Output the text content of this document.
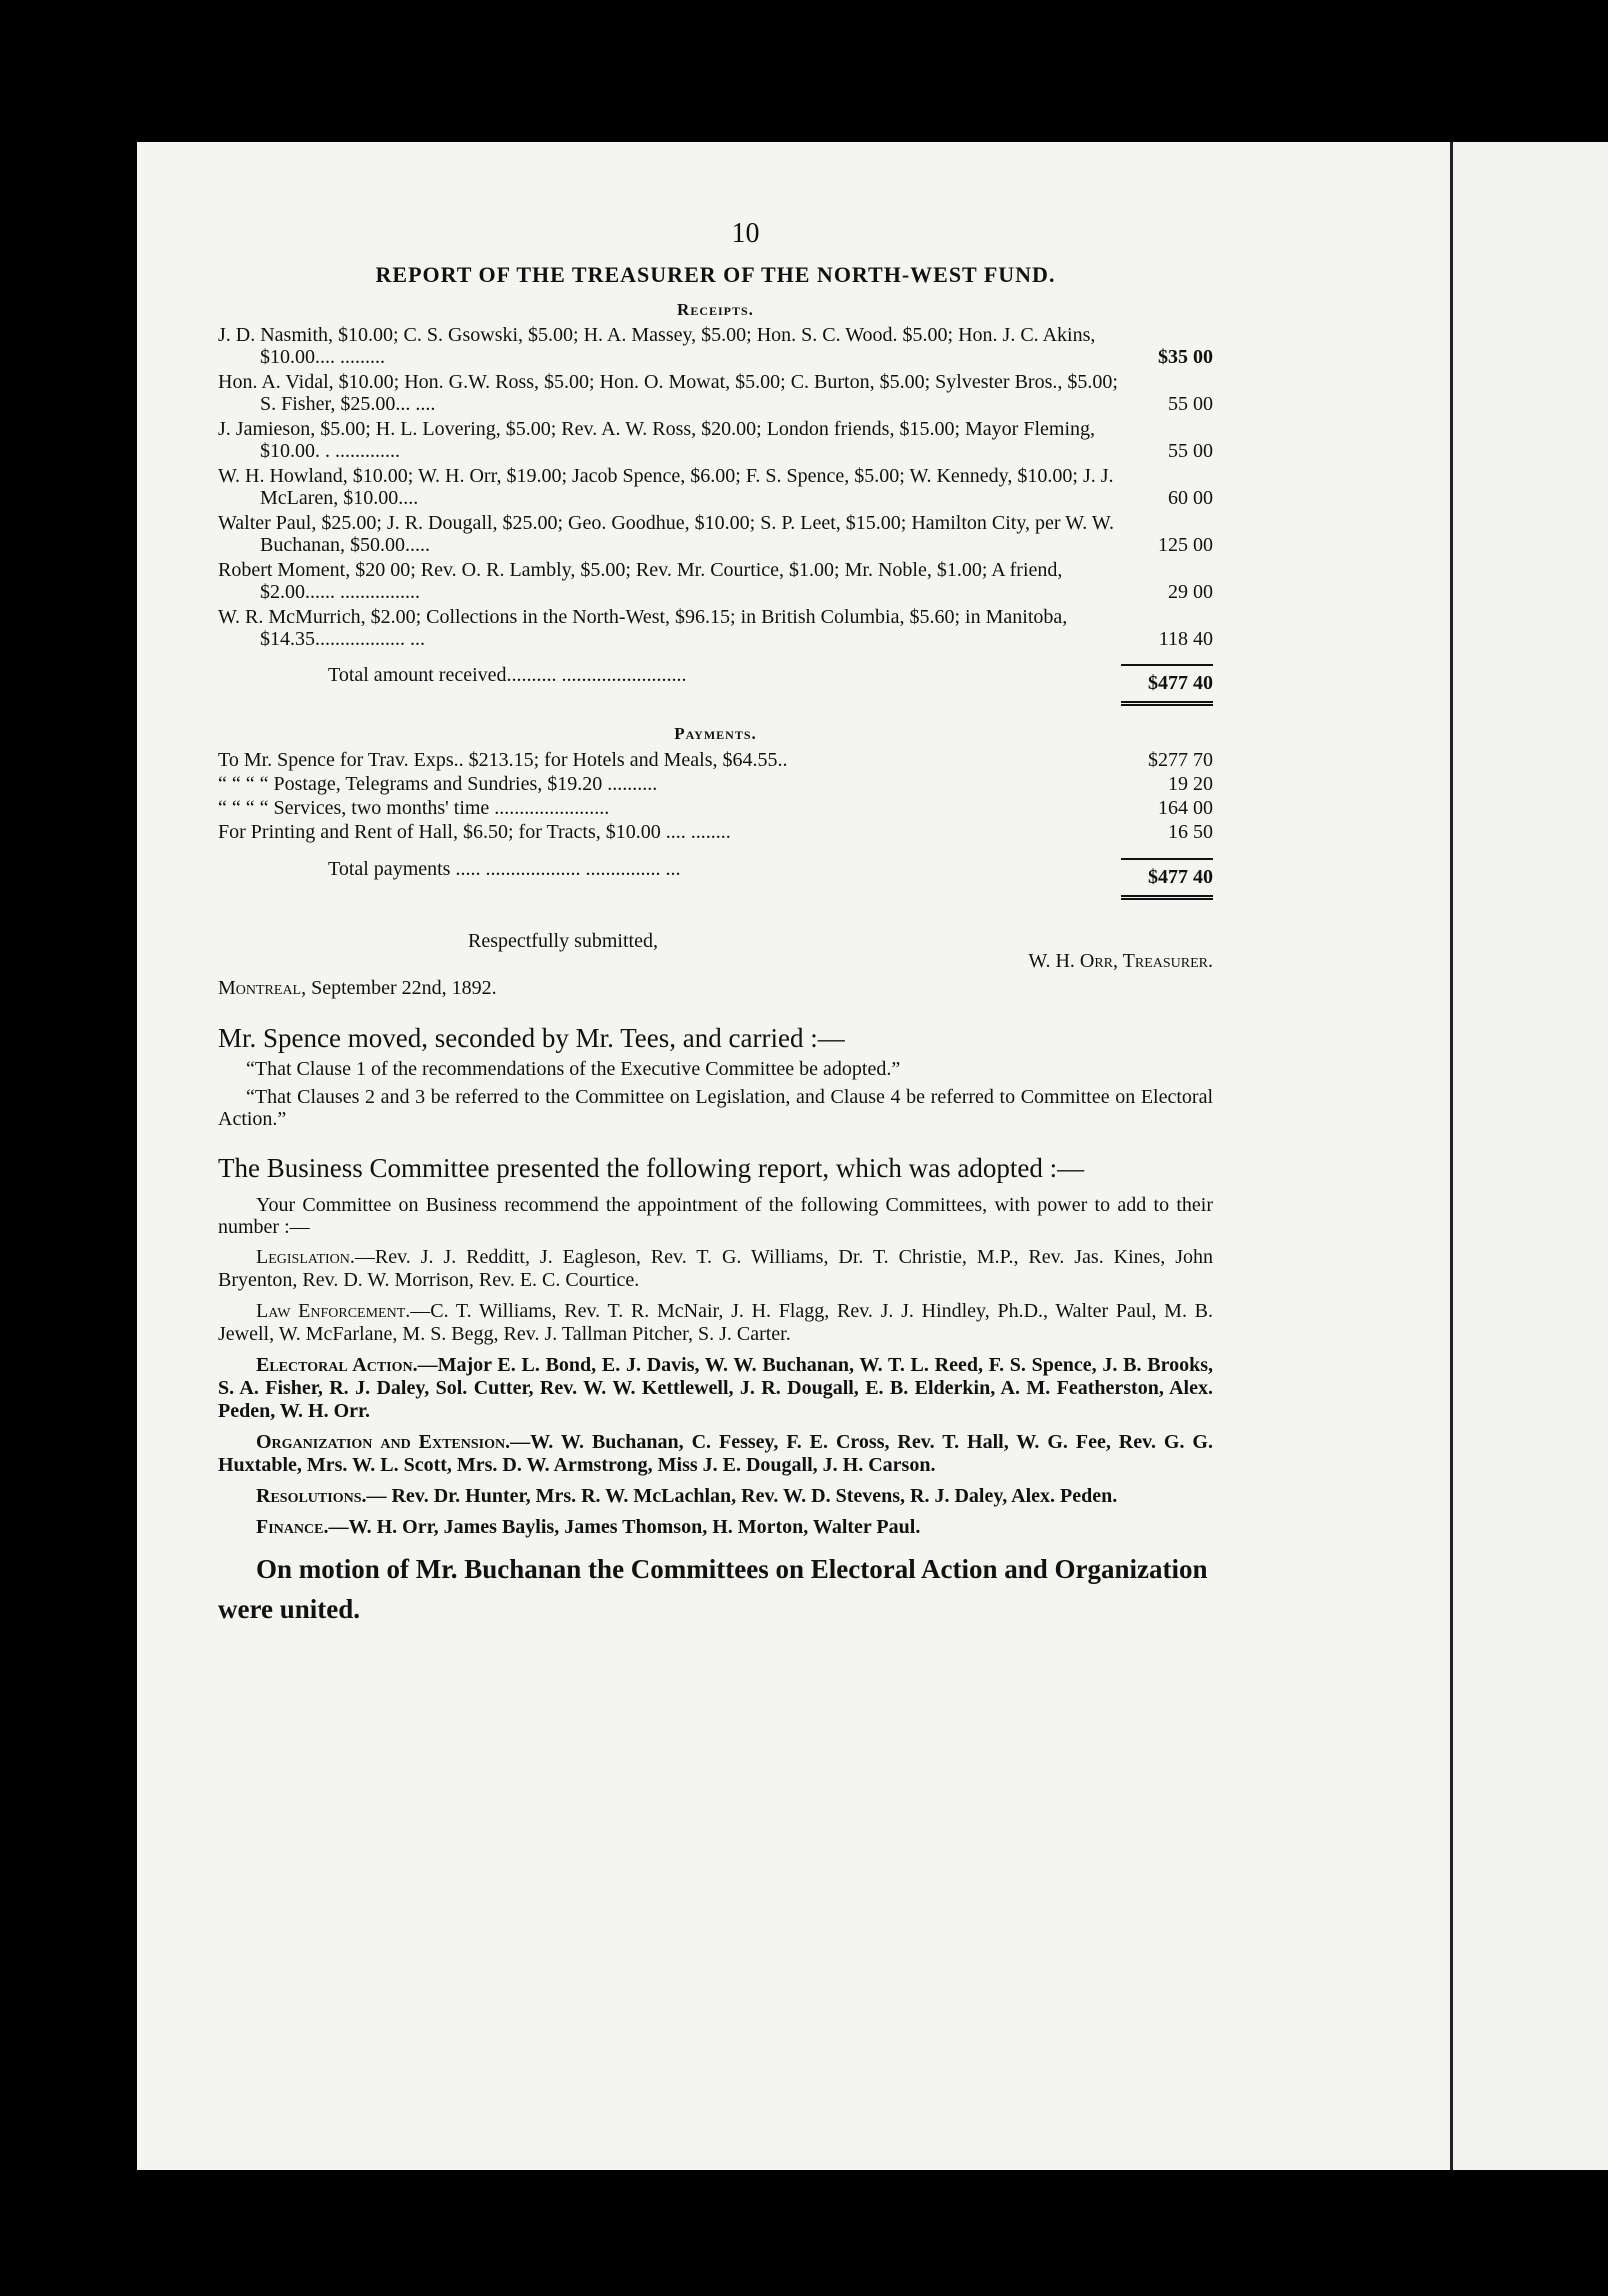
10
REPORT OF THE TREASURER OF THE NORTH-WEST FUND.
Receipts.
J. D. Nasmith, $10.00; C. S. Gsowski, $5.00; H. A. Massey, $5.00; Hon. S. C. Wood. $5.00; Hon. J. C. Akins, $10.00.... .........	$35 00
Hon. A. Vidal, $10.00; Hon. G.W. Ross, $5.00; Hon. O. Mowat, $5.00; C. Burton, $5.00; Sylvester Bros., $5.00; S. Fisher, $25.00... ....	55 00
J. Jamieson, $5.00; H. L. Lovering, $5.00; Rev. A. W. Ross, $20.00; London friends, $15.00; Mayor Fleming, $10.00. . .............	55 00
W. H. Howland, $10.00; W. H. Orr, $19.00; Jacob Spence, $6.00; F. S. Spence, $5.00; W. Kennedy, $10.00; J. J. McLaren, $10.00....	60 00
Walter Paul, $25.00; J. R. Dougall, $25.00; Geo. Goodhue, $10.00; S. P. Leet, $15.00; Hamilton City, per W. W. Buchanan, $50.00.....	125 00
Robert Moment, $20 00; Rev. O. R. Lambly, $5.00; Rev. Mr. Courtice, $1.00; Mr. Noble, $1.00; A friend, $2.00...... ................	29 00
W. R. McMurrich, $2.00; Collections in the North-West, $96.15; in British Columbia, $5.60; in Manitoba, $14.35.................. ...	118 40
Total amount received.......... .........................	$477 40
Payments.
To Mr. Spence for Trav. Exps.. $213.15; for Hotels and Meals, $64.55..	$277 70
“ “ “ “ Postage, Telegrams and Sundries, $19.20 ..........	19 20
“ “ “ “ Services, two months' time .......................	164 00
For Printing and Rent of Hall, $6.50; for Tracts, $10.00 .... ........	16 50
Total payments ..... ................... ............... ...	$477 40
Respectfully submitted,
W. H. Orr, Treasurer.
Montreal, September 22nd, 1892.
Mr. Spence moved, seconded by Mr. Tees, and carried :—
“That Clause 1 of the recommendations of the Executive Committee be adopted.”
“That Clauses 2 and 3 be referred to the Committee on Legislation, and Clause 4 be referred to Committee on Electoral Action.”
The Business Committee presented the following report, which was adopted :—
Your Committee on Business recommend the appointment of the following Committees, with power to add to their number :—
Legislation.—Rev. J. J. Redditt, J. Eagleson, Rev. T. G. Williams, Dr. T. Christie, M.P., Rev. Jas. Kines, John Bryenton, Rev. D. W. Morrison, Rev. E. C. Courtice.
Law Enforcement.—C. T. Williams, Rev. T. R. McNair, J. H. Flagg, Rev. J. J. Hindley, Ph.D., Walter Paul, M. B. Jewell, W. McFarlane, M. S. Begg, Rev. J. Tallman Pitcher, S. J. Carter.
Electoral Action.—Major E. L. Bond, E. J. Davis, W. W. Buchanan, W. T. L. Reed, F. S. Spence, J. B. Brooks, S. A. Fisher, R. J. Daley, Sol. Cutter, Rev. W. W. Kettlewell, J. R. Dougall, E. B. Elderkin, A. M. Featherston, Alex. Peden, W. H. Orr.
Organization and Extension.—W. W. Buchanan, C. Fessey, F. E. Cross, Rev. T. Hall, W. G. Fee, Rev. G. G. Huxtable, Mrs. W. L. Scott, Mrs. D. W. Armstrong, Miss J. E. Dougall, J. H. Carson.
Resolutions.— Rev. Dr. Hunter, Mrs. R. W. McLachlan, Rev. W. D. Stevens, R. J. Daley, Alex. Peden.
Finance.—W. H. Orr, James Baylis, James Thomson, H. Morton, Walter Paul.
On motion of Mr. Buchanan the Committees on Electoral Action and Organization were united.
